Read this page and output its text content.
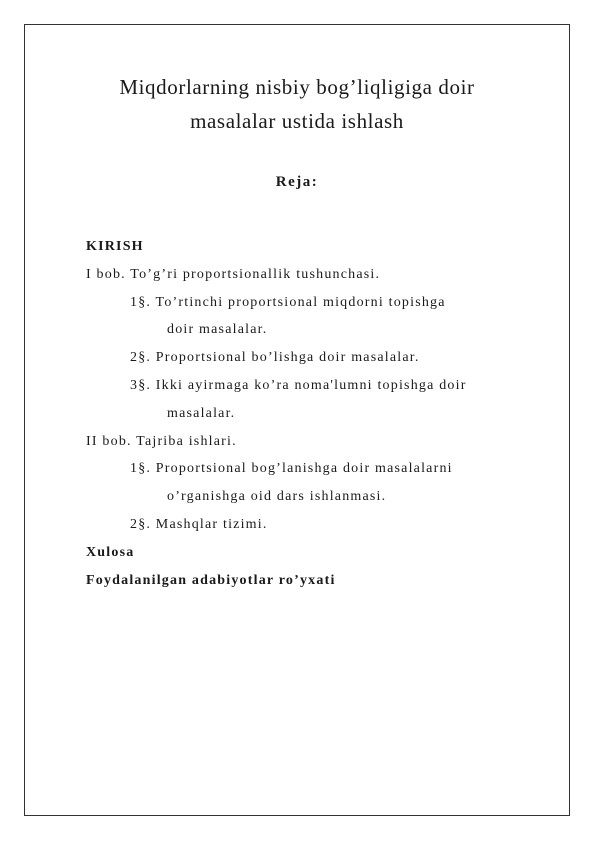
Miqdorlarning nisbiy bog’liqligiga doir
masalalar ustida ishlash
Reja:
KIRISH
I bob. To’g’ri proportsionallik tushunchasi.
1§. To’rtinchi proportsional miqdorni topishga
doir masalalar.
2§. Proportsional bo’lishga doir masalalar.
3§. Ikki ayirmaga ko’ra noma'lumni topishga doir
masalalar.
II bob. Tajriba ishlari.
1§. Proportsional bog’lanishga doir masalalarni
o’rganishga oid dars ishlanmasi.
2§. Mashqlar tizimi.
Xulosa
Foydalanilgan adabiyotlar ro’yxati
